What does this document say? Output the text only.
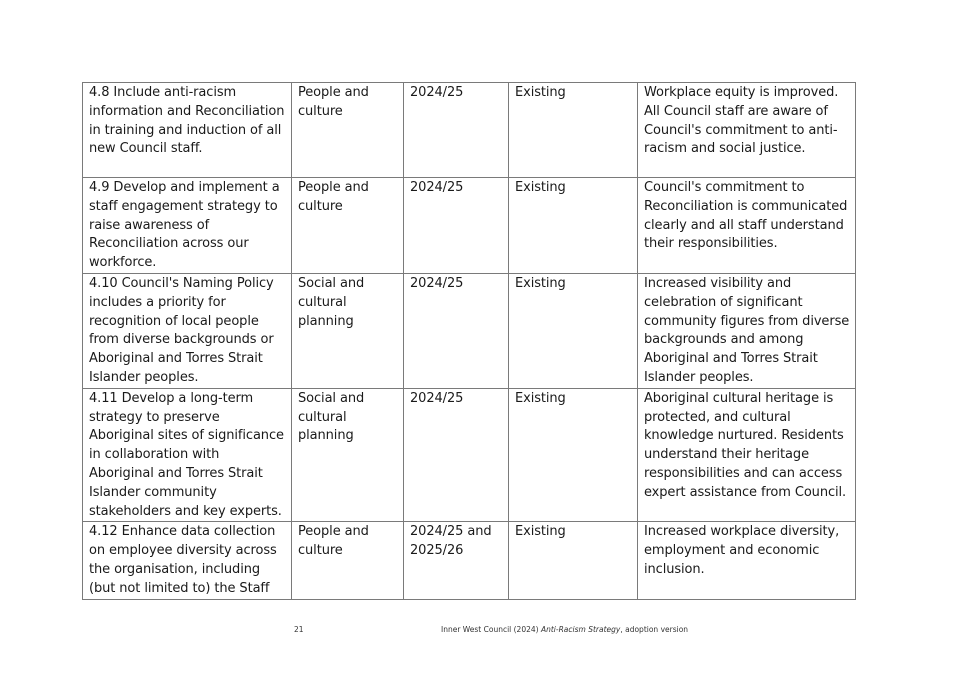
4.8 Include anti-racism information and Reconciliation in training and induction of all new Council staff.	People and culture	2024/25	Existing	Workplace equity is improved. All Council staff are aware of Council's commitment to anti-racism and social justice.
4.9 Develop and implement a staff engagement strategy to raise awareness of Reconciliation across our workforce.	People and culture	2024/25	Existing	Council's commitment to Reconciliation is communicated clearly and all staff understand their responsibilities.
4.10 Council's Naming Policy includes a priority for recognition of local people from diverse backgrounds or Aboriginal and Torres Strait Islander peoples.	Social and cultural planning	2024/25	Existing	Increased visibility and celebration of significant community figures from diverse backgrounds and among Aboriginal and Torres Strait Islander peoples.
4.11 Develop a long-term strategy to preserve Aboriginal sites of significance in collaboration with Aboriginal and Torres Strait Islander community stakeholders and key experts.	Social and cultural planning	2024/25	Existing	Aboriginal cultural heritage is protected, and cultural knowledge nurtured. Residents understand their heritage responsibilities and can access expert assistance from Council.
4.12 Enhance data collection on employee diversity across the organisation, including (but not limited to) the Staff	People and culture	2024/25 and 2025/26	Existing	Increased workplace diversity, employment and economic inclusion.
21	Inner West Council (2024) Anti-Racism Strategy, adoption version
